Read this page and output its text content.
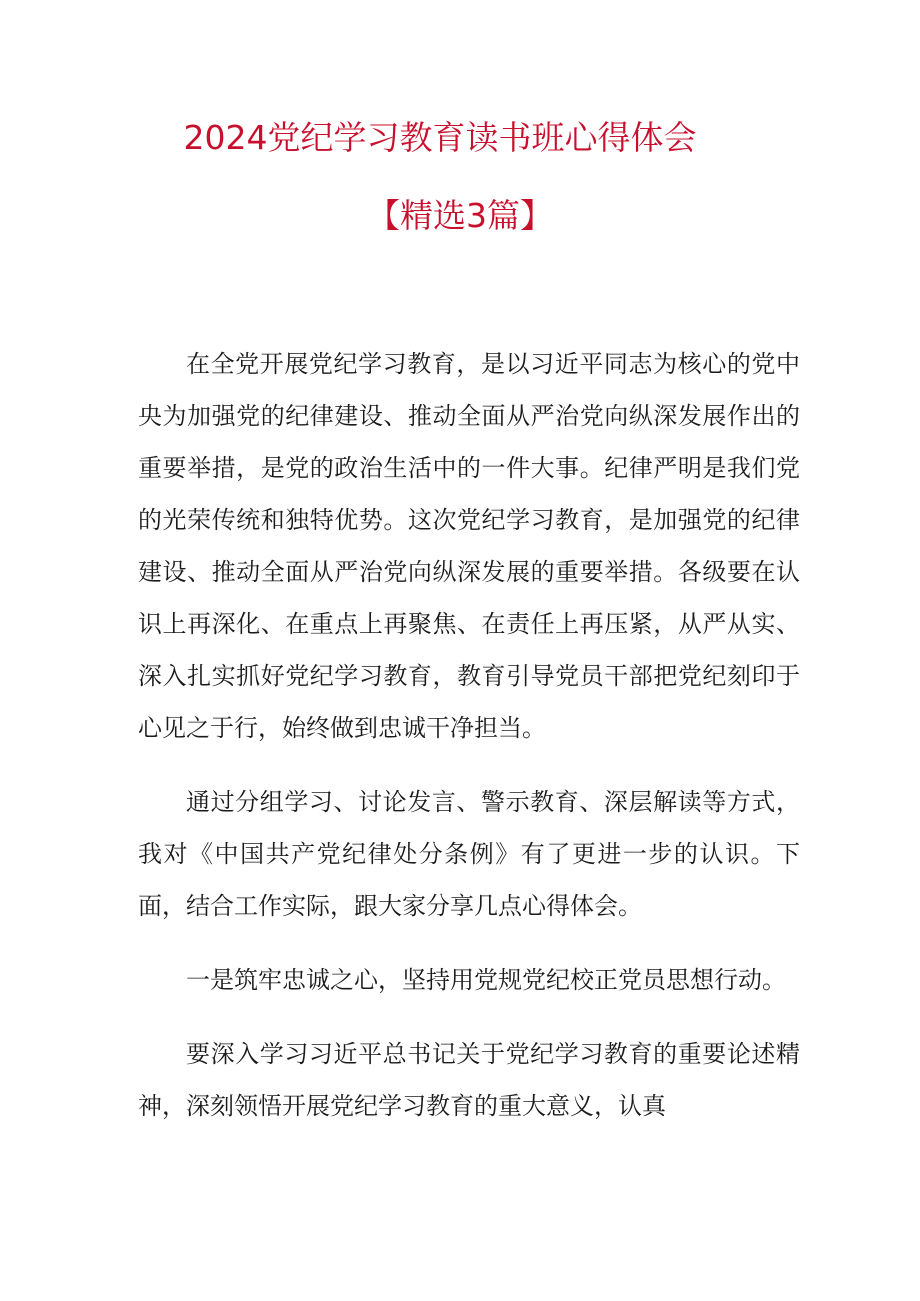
2024党纪学习教育读书班心得体会
【精选3篇】

在全党开展党纪学习教育，是以习近平同志为核心的党中央为加强党的纪律建设、推动全面从严治党向纵深发展作出的重要举措，是党的政治生活中的一件大事。纪律严明是我们党的光荣传统和独特优势。这次党纪学习教育，是加强党的纪律建设、推动全面从严治党向纵深发展的重要举措。各级要在认识上再深化、在重点上再聚焦、在责任上再压紧，从严从实、深入扎实抓好党纪学习教育，教育引导党员干部把党纪刻印于心见之于行，始终做到忠诚干净担当。

通过分组学习、讨论发言、警示教育、深层解读等方式，我对《中国共产党纪律处分条例》有了更进一步的认识。下面，结合工作实际，跟大家分享几点心得体会。

一是筑牢忠诚之心，坚持用党规党纪校正党员思想行动。

要深入学习习近平总书记关于党纪学习教育的重要论述精神，深刻领悟开展党纪学习教育的重大意义，认真
